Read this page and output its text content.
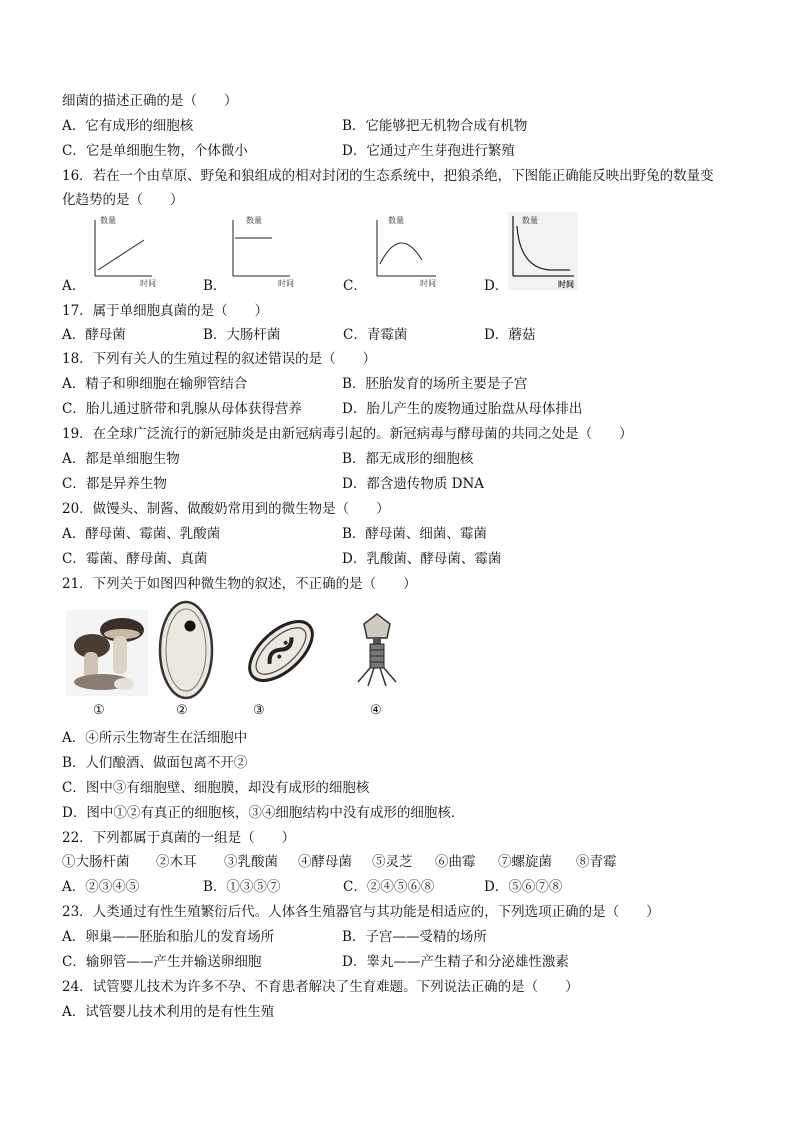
细菌的描述正确的是（　　）
A．它有成形的细胞核	B．它能够把无机物合成有机物
C．它是单细胞生物，个体微小	D．它通过产生芽孢进行繁殖
16．若在一个由草原、野兔和狼组成的相对封闭的生态系统中，把狼杀绝，下图能正确能反映出野兔的数量变
化趋势的是（　　）
A．
数量
时间	B．
数量
时间	C．
数量
时间	D．
数量
时间
17．属于单细胞真菌的是（　　）
A．酵母菌	B．大肠杆菌	C．青霉菌	D．蘑菇
18．下列有关人的生殖过程的叙述错误的是（　　）
A．精子和卵细胞在输卵管结合	B．胚胎发育的场所主要是子宫
C．胎儿通过脐带和乳腺从母体获得营养	D．胎儿产生的废物通过胎盘从母体排出
19．在全球广泛流行的新冠肺炎是由新冠病毒引起的。新冠病毒与酵母菌的共同之处是（　　）
A．都是单细胞生物	B．都无成形的细胞核
C．都是异养生物	D．都含遗传物质 DNA
20．做馒头、制酱、做酸奶常用到的微生物是（　　）
A．酵母菌、霉菌、乳酸菌	B．酵母菌、细菌、霉菌
C．霉菌、酵母菌、真菌	D．乳酸菌、酵母菌、霉菌
21．下列关于如图四种微生物的叙述，不正确的是（　　）
①	②	③	④
A．④所示生物寄生在活细胞中
B．人们酿酒、做面包离不开②
C．图中③有细胞壁、细胞膜，却没有成形的细胞核
D．图中①②有真正的细胞核，③④细胞结构中没有成形的细胞核．
22．下列都属于真菌的一组是（　　）
①大肠杆菌 ②木耳 ③乳酸菌 ④酵母菌 ⑤灵芝 ⑥曲霉 ⑦螺旋菌 ⑧青霉
A．②③④⑤	B．①③⑤⑦	C．②④⑤⑥⑧	D．⑤⑥⑦⑧
23．人类通过有性生殖繁衍后代。人体各生殖器官与其功能是相适应的，下列选项正确的是（　　）
A．卵巢——胚胎和胎儿的发育场所	B．子宫——受精的场所
C．输卵管——产生并输送卵细胞	D．睾丸——产生精子和分泌雄性激素
24．试管婴儿技术为许多不孕、不育患者解决了生育难题。下列说法正确的是（　　）
A．试管婴儿技术利用的是有性生殖
